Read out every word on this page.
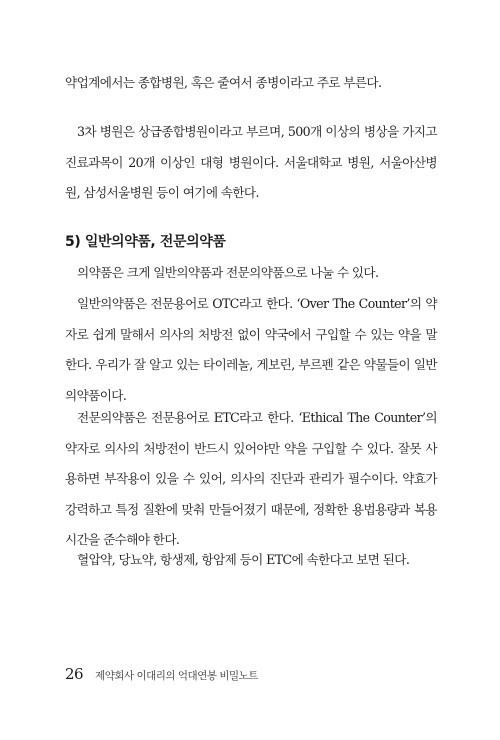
약업계에서는 종합병원, 혹은 줄여서 종병이라고 주로 부른다.

3차 병원은 상급종합병원이라고 부르며, 500개 이상의 병상을 가지고 진료과목이 20개 이상인 대형 병원이다. 서울대학교 병원, 서울아산병원, 삼성서울병원 등이 여기에 속한다.

5) 일반의약품, 전문의약품

의약품은 크게 일반의약품과 전문의약품으로 나눌 수 있다.

일반의약품은 전문용어로 OTC라고 한다. ‘Over The Counter’의 약자로 쉽게 말해서 의사의 처방전 없이 약국에서 구입할 수 있는 약을 말한다. 우리가 잘 알고 있는 타이레놀, 게보린, 부르펜 같은 약물들이 일반의약품이다.

전문의약품은 전문용어로 ETC라고 한다. ‘Ethical The Counter’의 약자로 의사의 처방전이 반드시 있어야만 약을 구입할 수 있다. 잘못 사용하면 부작용이 있을 수 있어, 의사의 진단과 관리가 필수이다. 약효가 강력하고 특정 질환에 맞춰 만들어졌기 때문에, 정확한 용법용량과 복용 시간을 준수해야 한다.

혈압약, 당뇨약, 항생제, 항암제 등이 ETC에 속한다고 보면 된다.

26 제약회사 이대리의 억대연봉 비밀노트
